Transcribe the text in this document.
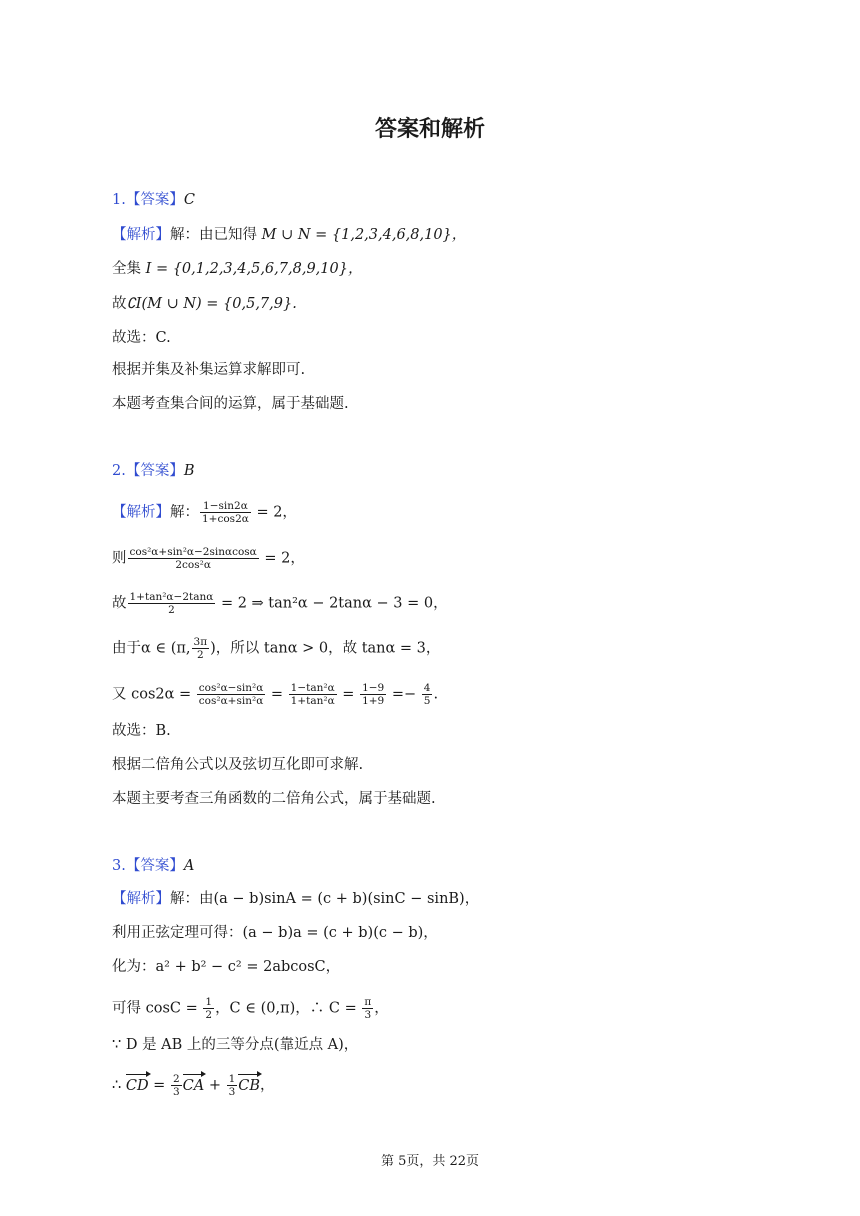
答案和解析
1.【答案】C
【解析】解：由已知得 M ∪ N = {1,2,3,4,6,8,10}，
全集 I = {0,1,2,3,4,5,6,7,8,9,10}，
故∁I(M ∪ N) = {0,5,7,9}.
故选：C.
根据并集及补集运算求解即可.
本题考查集合间的运算，属于基础题.
2.【答案】B
【解析】解： $\frac{1-\sin 2\alpha}{1+\cos 2\alpha} = 2$，
则 $\frac{\text{cos²α+sin²α−2sinαcosα}}{\text{2cos²α}} = 2$，
故 $\frac{\text{1+tan²α−2tanα}}{2} = 2$ ⇒ tan²α − 2tanα − 3 = 0，
由于α ∈ (π, $\frac{3\pi}{2}$ )，所以 tanα > 0，故 tanα = 3，
又 $\cos 2\alpha = \frac{\text{cos²α−sin²α}}{\text{cos²α+sin²α}} = \frac{\text{1−tan²α}}{\text{1+tan²α}} = \frac{1-9}{1+9} =- \frac{4}{5}$ .
故选：B.
根据二倍角公式以及弦切互化即可求解.
本题主要考查三角函数的二倍角公式，属于基础题.
3.【答案】A
【解析】解：由(a − b)sinA = (c + b)(sinC − sinB)，
利用正弦定理可得：(a − b)a = (c + b)(c − b)，
化为：a² + b² − c² = 2abcosC，
可得 $\cos C = \frac{1}{2}$ ，C ∈ (0,π)，∴ $C = \frac{\pi}{3}$ ，
∵ D 是 AB 上的三等分点(靠近点 A)，
∴ CD = $\frac{2}{3}$ CA + $\frac{1}{3}$ CB，
第 5页，共 22页
